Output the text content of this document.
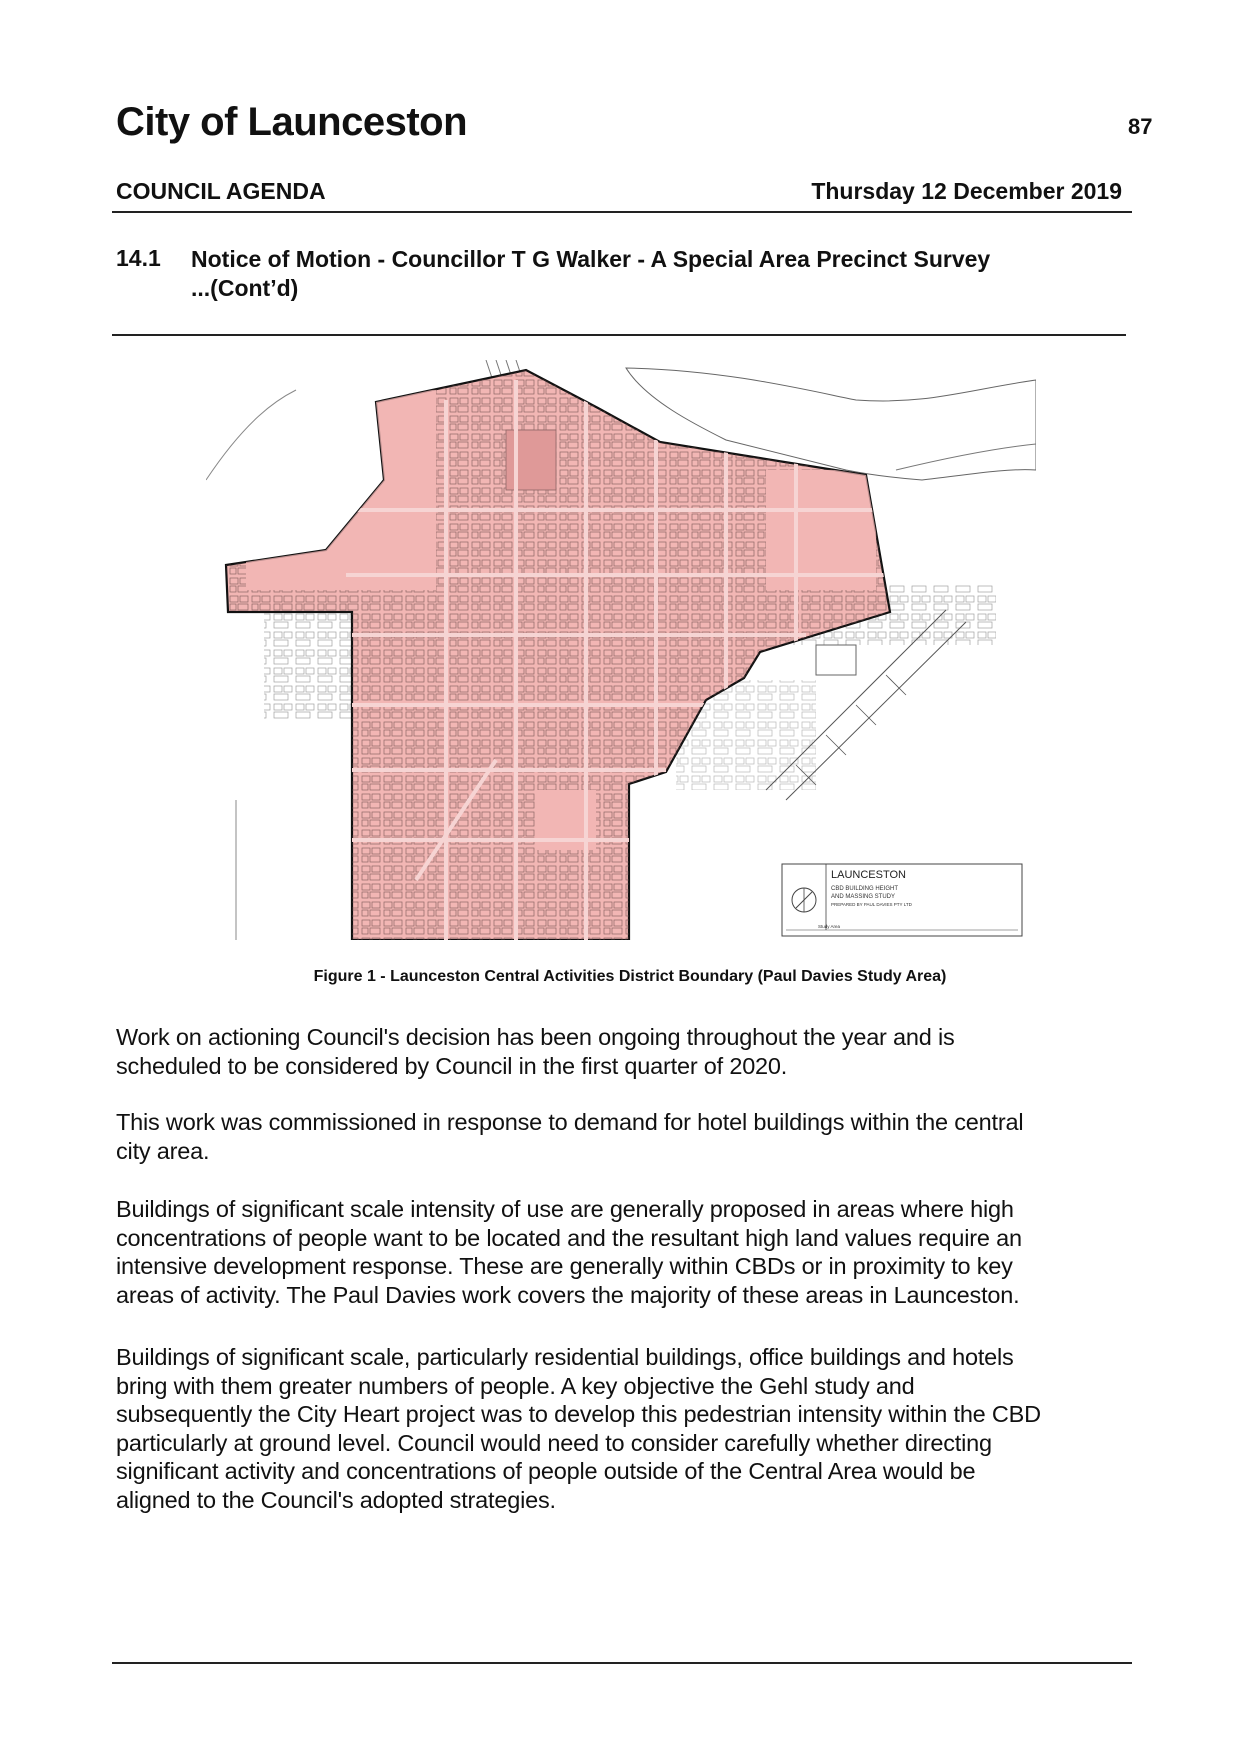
City of Launceston	87
COUNCIL AGENDA	Thursday 12 December 2019
14.1 Notice of Motion - Councillor T G Walker - A Special Area Precinct Survey
...(Cont’d)
LAUNCESTON
CBD BUILDING HEIGHT
AND MASSING STUDY
PREPARED BY PAUL DAVIES PTY LTD
Study Area
Figure 1 - Launceston Central Activities District Boundary (Paul Davies Study Area)
Work on actioning Council's decision has been ongoing throughout the year and is
scheduled to be considered by Council in the first quarter of 2020.
This work was commissioned in response to demand for hotel buildings within the central
city area.
Buildings of significant scale intensity of use are generally proposed in areas where high
concentrations of people want to be located and the resultant high land values require an
intensive development response. These are generally within CBDs or in proximity to key
areas of activity. The Paul Davies work covers the majority of these areas in Launceston.
Buildings of significant scale, particularly residential buildings, office buildings and hotels
bring with them greater numbers of people. A key objective the Gehl study and
subsequently the City Heart project was to develop this pedestrian intensity within the CBD
particularly at ground level. Council would need to consider carefully whether directing
significant activity and concentrations of people outside of the Central Area would be
aligned to the Council's adopted strategies.
